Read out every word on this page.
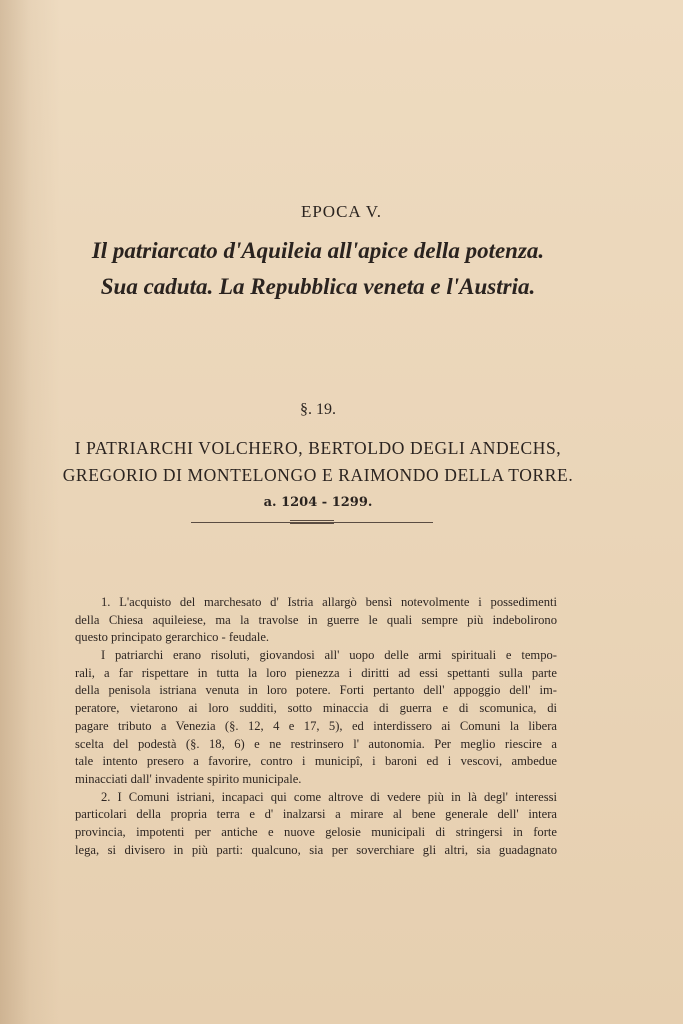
EPOCA V.
Il patriarcato d'Aquileia all'apice della potenza.
Sua caduta. La Repubblica veneta e l'Austria.
§. 19.
I PATRIARCHI VOLCHERO, BERTOLDO DEGLI ANDECHS,
GREGORIO DI MONTELONGO E RAIMONDO DELLA TORRE.
a. 1204 - 1299.
1. L'acquisto del marchesato d' Istria allargò bensì notevolmente i possedimenti
della Chiesa aquileiese, ma la travolse in guerre le quali sempre più indebolirono
questo principato gerarchico - feudale.
I patriarchi erano risoluti, giovandosi all' uopo delle armi spirituali e tempo-
rali, a far rispettare in tutta la loro pienezza i diritti ad essi spettanti sulla parte
della penisola istriana venuta in loro potere. Forti pertanto dell' appoggio dell' im-
peratore, vietarono ai loro sudditi, sotto minaccia di guerra e di scomunica, di
pagare tributo a Venezia (§. 12, 4 e 17, 5), ed interdissero ai Comuni la libera
scelta del podestà (§. 18, 6) e ne restrinsero l' autonomia. Per meglio riescire a
tale intento presero a favorire, contro i municipî, i baroni ed i vescovi, ambedue
minacciati dall' invadente spirito municipale.
2. I Comuni istriani, incapaci qui come altrove di vedere più in là degl' interessi
particolari della propria terra e d' inalzarsi a mirare al bene generale dell' intera
provincia, impotenti per antiche e nuove gelosie municipali di stringersi in forte
lega, si divisero in più parti: qualcuno, sia per soverchiare gli altri, sia guadagnato
